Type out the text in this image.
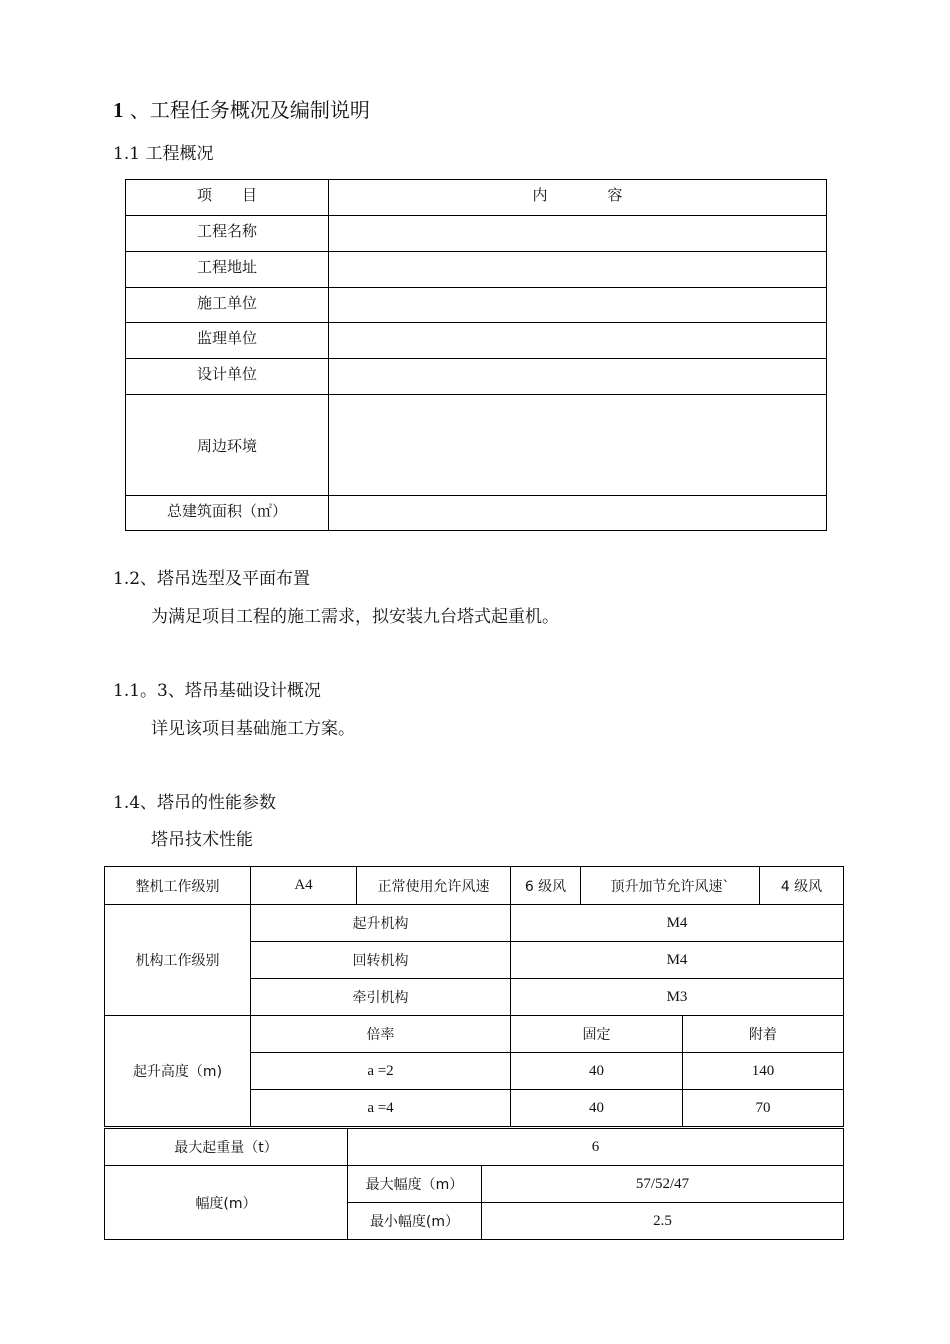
1 、工程任务概况及编制说明
1.1 工程概况
项　　目	内　　　　容
工程名称	
工程地址	
施工单位	
监理单位	
设计单位	
周边环境	
总建筑面积（㎡）	
1.2、塔吊选型及平面布置
为满足项目工程的施工需求，拟安装九台塔式起重机。
1.1。3、塔吊基础设计概况
详见该项目基础施工方案。
1.4、塔吊的性能参数
塔吊技术性能
整机工作级别	A4	正常使用允许风速	6 级风	顶升加节允许风速`		4 级风
机构工作级别	起升机构		M4			
	回转机构		M4			
	牵引机构		M3			
起升高度（m)	倍率		固定		附着	
	a =2		40		140	
	a =4		40		70	
最大起重量（t）	6	
幅度(m）	最大幅度（m）	57/52/47
	最小幅度(m）	2.5
